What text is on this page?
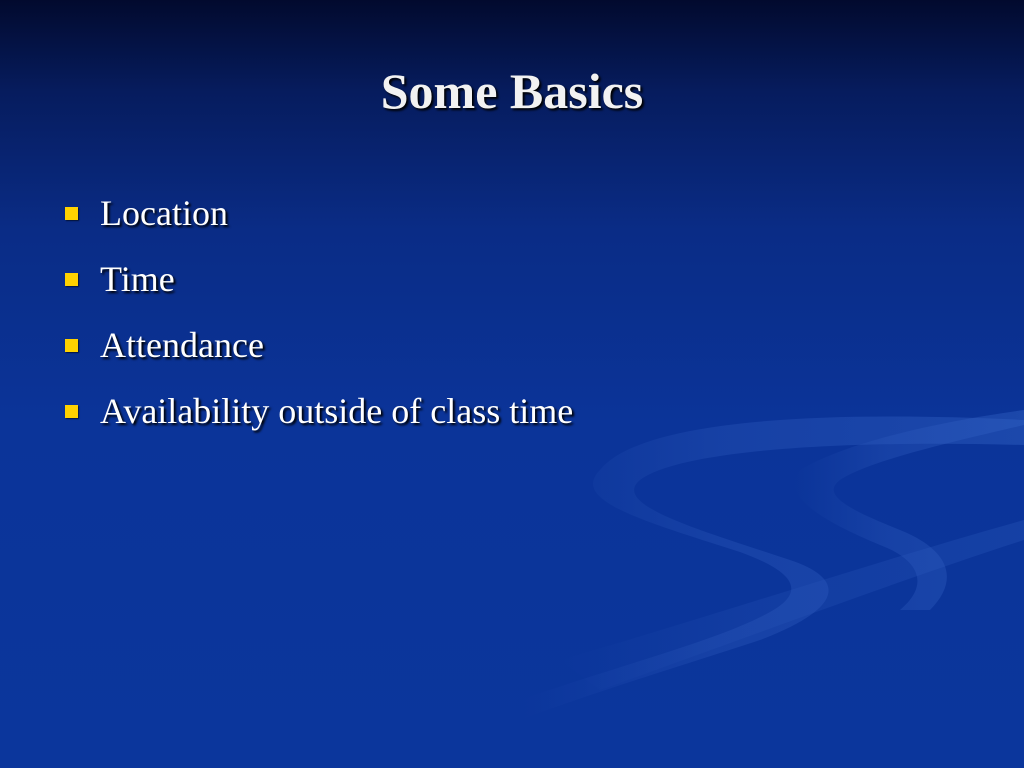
Some Basics
Location
Time
Attendance
Availability outside of class time
